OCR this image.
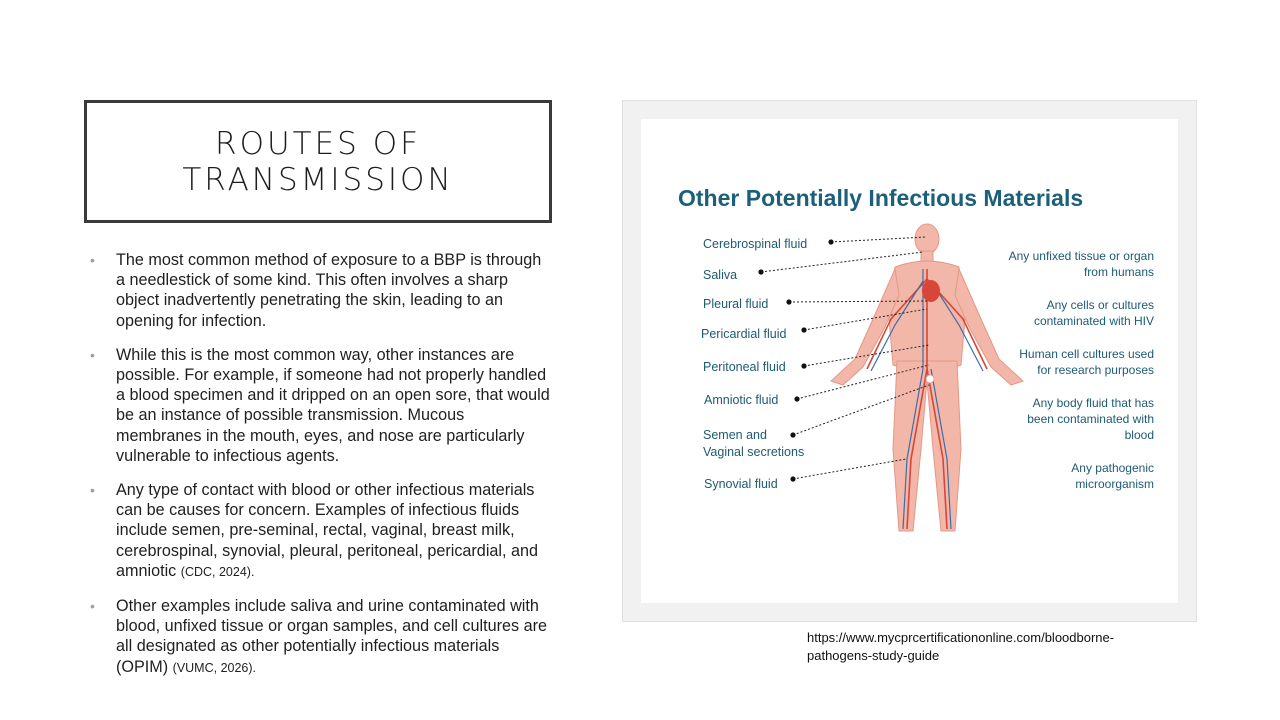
ROUTES OF
TRANSMISSION
• The most common method of exposure to a BBP is through a needlestick of some kind. This often involves a sharp object inadvertently penetrating the skin, leading to an opening for infection.
• While this is the most common way, other instances are possible. For example, if someone had not properly handled a blood specimen and it dripped on an open sore, that would be an instance of possible transmission. Mucous membranes in the mouth, eyes, and nose are particularly vulnerable to infectious agents.
• Any type of contact with blood or other infectious materials can be causes for concern. Examples of infectious fluids include semen, pre-seminal, rectal, vaginal, breast milk, cerebrospinal, synovial, pleural, peritoneal, pericardial, and amniotic (CDC, 2024).
• Other examples include saliva and urine contaminated with blood, unfixed tissue or organ samples, and cell cultures are all designated as other potentially infectious materials (OPIM) (VUMC, 2026).
Other Potentially Infectious Materials
Cerebrospinal fluid
Saliva
Pleural fluid
Pericardial fluid
Peritoneal fluid
Amniotic fluid
Semen and
Vaginal secretions
Synovial fluid
Any unfixed tissue or organ
from humans
Any cells or cultures
contaminated with HIV
Human cell cultures used
for research purposes
Any body fluid that has
been contaminated with
blood
Any pathogenic
microorganism
https://www.mycprcertificationonline.com/bloodborne-pathogens-study-guide
